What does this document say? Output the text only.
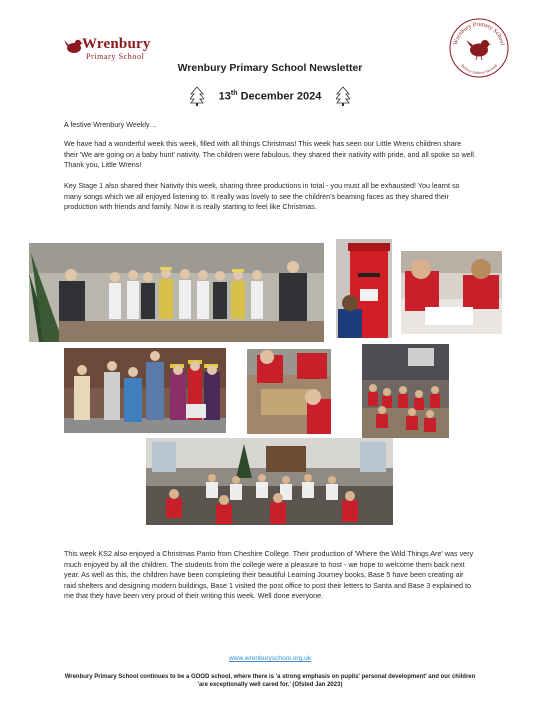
Wrenbury
Primary School
Wrenbury Primary School
Believe Achieve Succeed
Wrenbury Primary School Newsletter
13th December 2024
A festive Wrenbury Weekly…
We have had a wonderful week this week, filled with all things Christmas! This week has seen our Little Wrens children share their 'We are going on a baby hunt' nativity. The children were fabulous, they shared their nativity with pride, and all spoke so well. Thank you, Little Wrens!
Key Stage 1 also shared their Nativity this week, sharing three productions in total - you must all be exhausted! You learnt so many songs which we all enjoyed listening to. It really was lovely to see the children's beaming faces as they shared their production with friends and family. Now it is really starting to feel like Christmas.
This week KS2 also enjoyed a Christmas Panto from Cheshire College. Their production of 'Where the Wild Things Are' was very much enjoyed by all the children. The students from the college were a pleasure to host - we hope to welcome them back next year. As well as this, the children have been completing their beautiful Learning Journey books, Base 5 have been creating air raid shelters and designing modern buildings, Base 1 visited the post office to post their letters to Santa and Base 3 explained to me that they have been very proud of their writing this week. Well done everyone.
www.wrenburyschool.org.uk
Wrenbury Primary School continues to be a GOOD school, where there is 'a strong emphasis on pupils' personal development' and our children 'are exceptionally well cared for.' (Ofsted Jan 2023)
